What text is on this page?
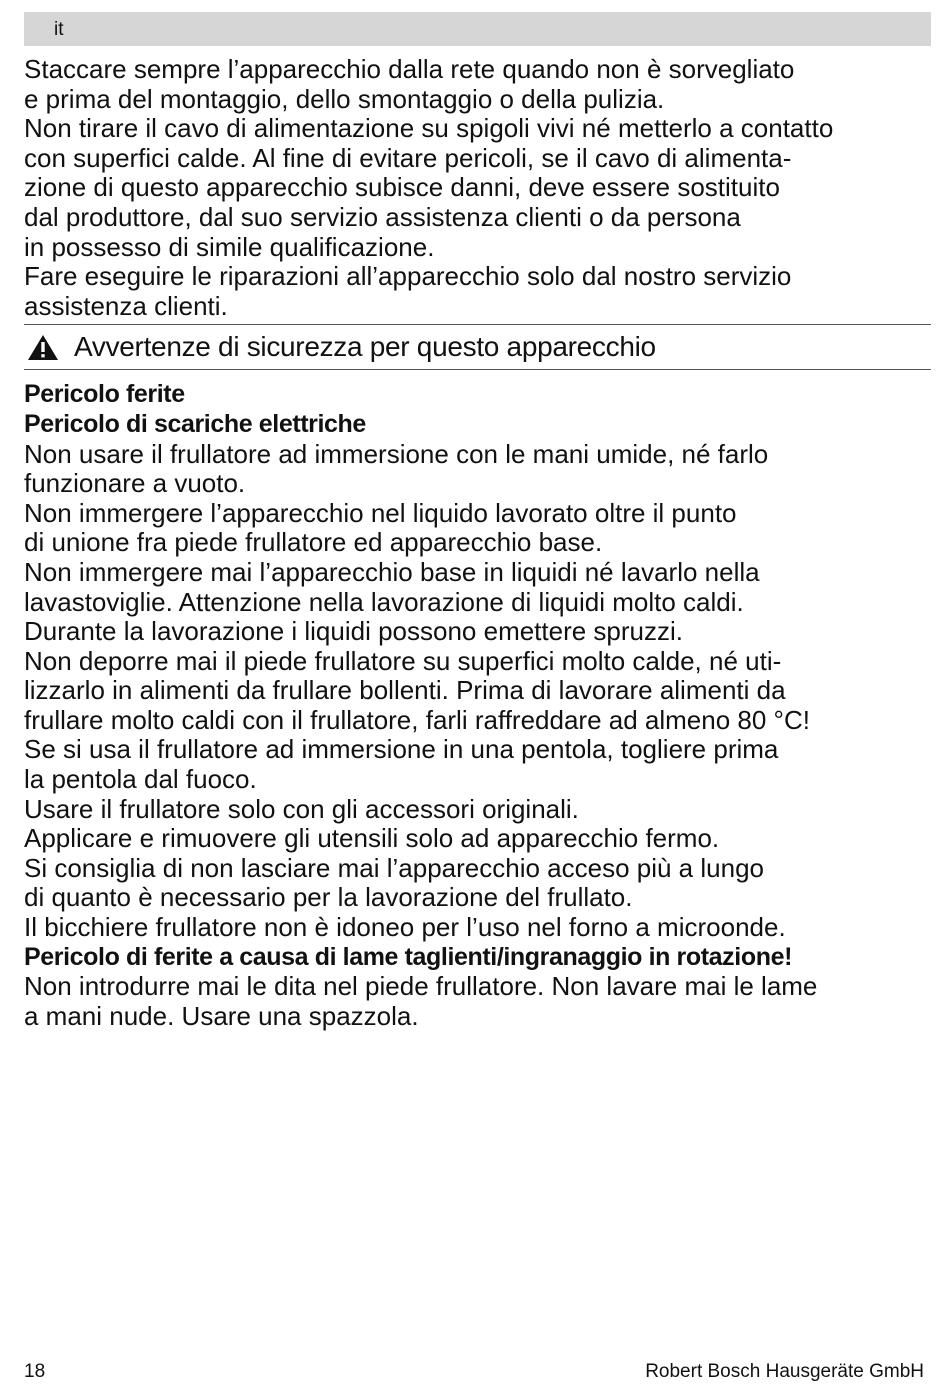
it

Staccare sempre l’apparecchio dalla rete quando non è sorvegliato
e prima del montaggio, dello smontaggio o della pulizia.

Non tirare il cavo di alimentazione su spigoli vivi né metterlo a contatto
con superfici calde. Al fine di evitare pericoli, se il cavo di alimenta-
zione di questo apparecchio subisce danni, deve essere sostituito
dal produttore, dal suo servizio assistenza clienti o da persona
in possesso di simile qualificazione.

Fare eseguire le riparazioni all’apparecchio solo dal nostro servizio
assistenza clienti.

Avvertenze di sicurezza per questo apparecchio

Pericolo ferite

Pericolo di scariche elettriche

Non usare il frullatore ad immersione con le mani umide, né farlo
funzionare a vuoto.

Non immergere l’apparecchio nel liquido lavorato oltre il punto
di unione fra piede frullatore ed apparecchio base.

Non immergere mai l’apparecchio base in liquidi né lavarlo nella
lavastoviglie. Attenzione nella lavorazione di liquidi molto caldi.
Durante la lavorazione i liquidi possono emettere spruzzi.

Non deporre mai il piede frullatore su superfici molto calde, né uti-
lizzarlo in alimenti da frullare bollenti. Prima di lavorare alimenti da
frullare molto caldi con il frullatore, farli raffreddare ad almeno 80 °C!

Se si usa il frullatore ad immersione in una pentola, togliere prima
la pentola dal fuoco.

Usare il frullatore solo con gli accessori originali.

Applicare e rimuovere gli utensili solo ad apparecchio fermo.

Si consiglia di non lasciare mai l’apparecchio acceso più a lungo
di quanto è necessario per la lavorazione del frullato.

Il bicchiere frullatore non è idoneo per l’uso nel forno a microonde.

Pericolo di ferite a causa di lame taglienti/ingranaggio in rotazione!

Non introdurre mai le dita nel piede frullatore. Non lavare mai le lame
a mani nude. Usare una spazzola.

18	Robert Bosch Hausgeräte GmbH
